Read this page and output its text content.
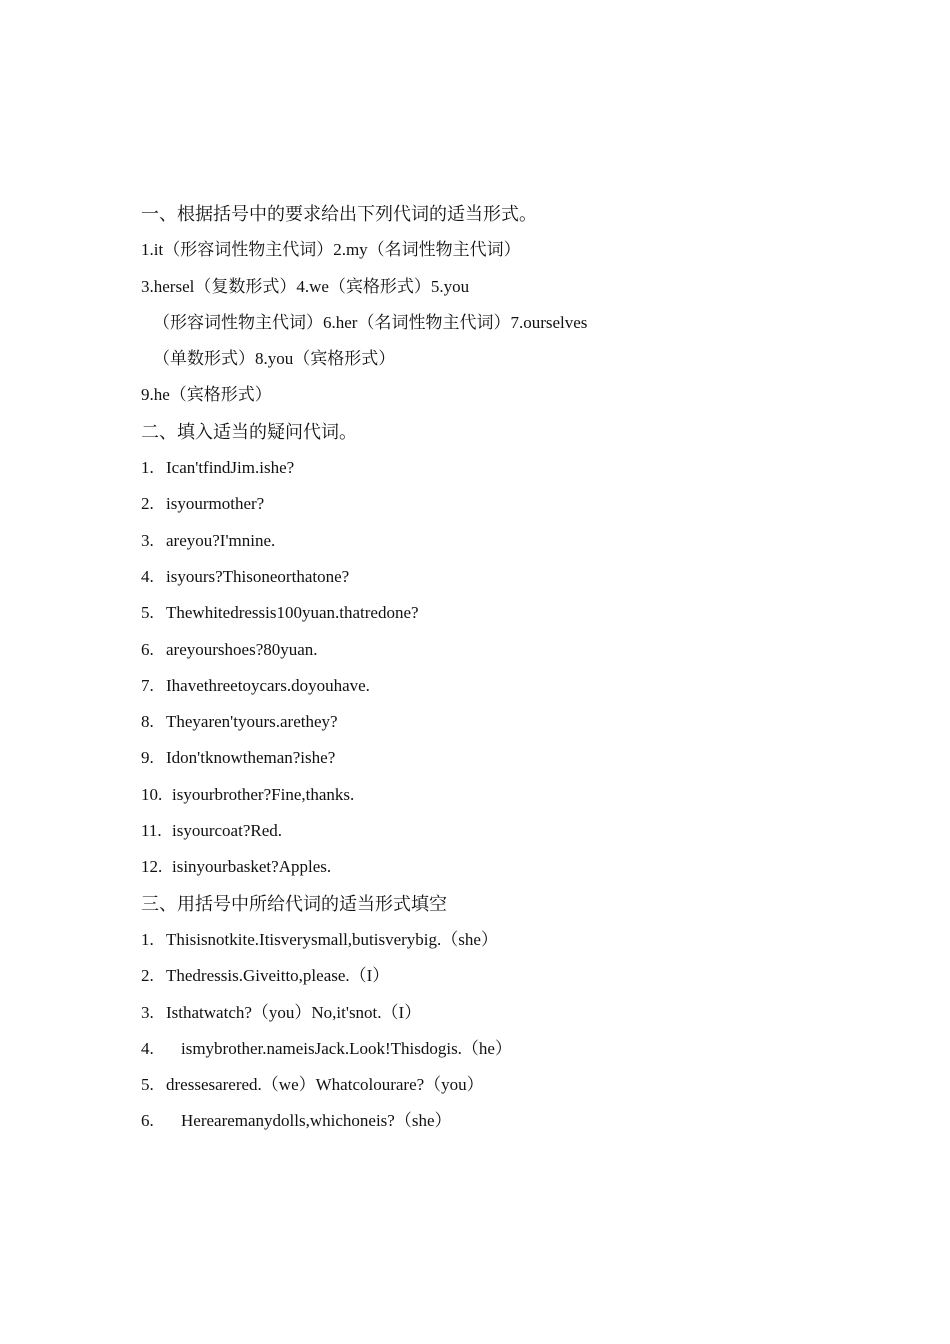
一、根据括号中的要求给出下列代词的适当形式。
1.it（形容词性物主代词）2.my（名词性物主代词）
3.hersel（复数形式）4.we（宾格形式）5.you
（形容词性物主代词）6.her（名词性物主代词）7.ourselves
（单数形式）8.you（宾格形式）
9.he（宾格形式）
二、填入适当的疑问代词。
1. Ican'tfindJim.ishe?
2. isyourmother?
3. areyou?I'mnine.
4. isyours?Thisoneorthatone?
5. Thewhitedressis100yuan.thatredone?
6. areyourshoes?80yuan.
7. Ihavethreetoycars.doyouhave.
8. Theyaren'tyours.arethey?
9. Idon'tknowtheman?ishe?
10. isyourbrother?Fine,thanks.
11. isyourcoat?Red.
12. isinyourbasket?Apples.
三、用括号中所给代词的适当形式填空
1. Thisisnotkite.Itisverysmall,butisverybig.（she）
2. Thedressis.Giveitto,please.（I）
3. Isthatwatch?（you）No,it'snot.（I）
4. ismybrother.nameisJack.Look!Thisdogis.（he）
5. dressesarered.（we）Whatcolourare?（you）
6. Herearemanydolls,whichoneis?（she）
